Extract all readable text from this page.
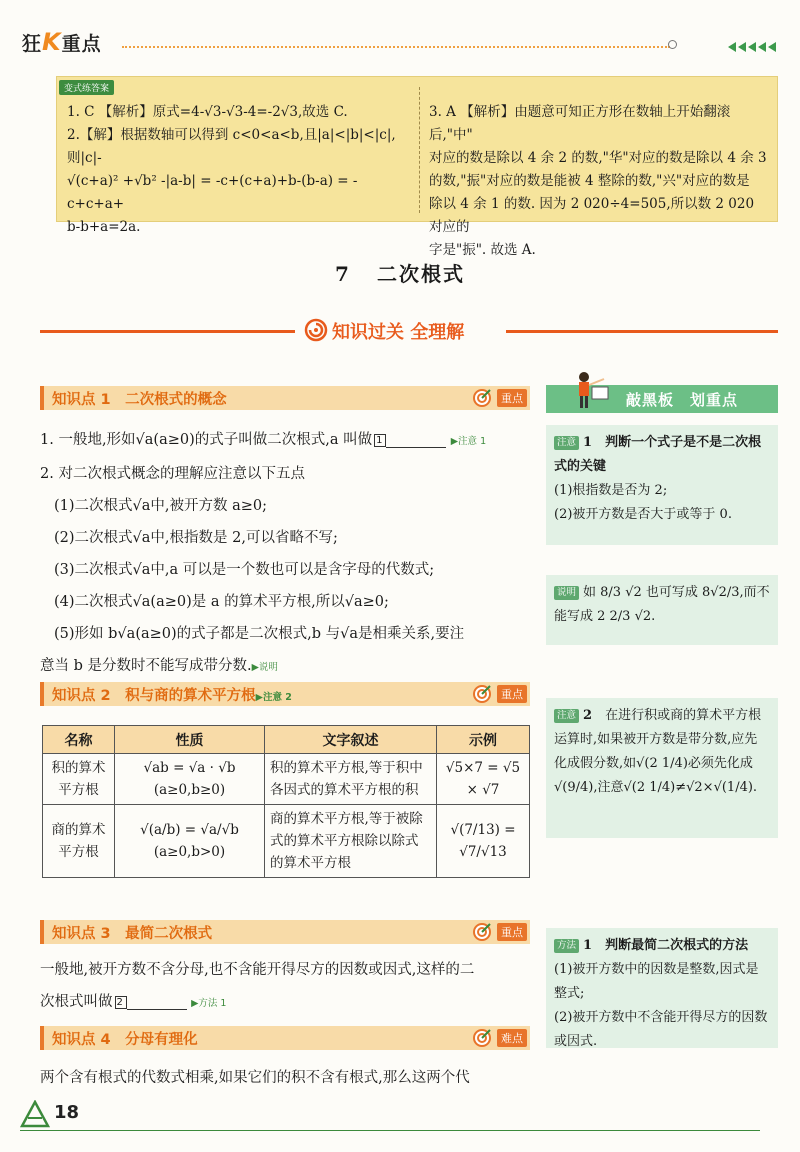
狂K重点
变式练答案
1. C 【解析】原式=4-√3-√3-4=-2√3,故选 C.
2.【解】根据数轴可以得到 c<0<a<b,且|a|<|b|<|c|,则|c|-
√(c+a)² +√b² -|a-b| = -c+(c+a)+b-(b-a) = -c+c+a+
b-b+a=2a.
3. A 【解析】由题意可知正方形在数轴上开始翻滚后,"中"
对应的数是除以 4 余 2 的数,"华"对应的数是除以 4 余 3
的数,"振"对应的数是能被 4 整除的数,"兴"对应的数是
除以 4 余 1 的数. 因为 2 020÷4=505,所以数 2 020 对应的
字是"振". 故选 A.
7 二次根式
知识过关 全理解
知识点 1　二次根式的概念	重点
1. 一般地,形如√a(a≥0)的式子叫做二次根式,a 叫做 1	▶注意 1
2. 对二次根式概念的理解应注意以下五点
(1)二次根式√a中,被开方数 a≥0;
(2)二次根式√a中,根指数是 2,可以省略不写;
(3)二次根式√a中,a 可以是一个数也可以是含字母的代数式;
(4)二次根式√a(a≥0)是 a 的算术平方根,所以√a≥0;
(5)形如 b√a(a≥0)的式子都是二次根式,b 与√a是相乘关系,要注
意当 b 是分数时不能写成带分数.▶说明
知识点 2　积与商的算术平方根▶注意 2	重点
名称	性质	文字叙述	示例
积的算术平方根	√ab = √a · √b (a≥0,b≥0)	积的算术平方根,等于积中各因式的算术平方根的积	√5×7 = √5 × √7
商的算术平方根	√(a/b) = √a/√b (a≥0,b>0)	商的算术平方根,等于被除式的算术平方根除以除式的算术平方根	√(7/13) = √7/√13
知识点 3　最简二次根式	重点
一般地,被开方数不含分母,也不含能开得尽方的因数或因式,这样的二
次根式叫做 2	▶方法 1
知识点 4　分母有理化	难点
两个含有根式的代数式相乘,如果它们的积不含有根式,那么这两个代
敲黑板　划重点
注意 1　 判断一个式子是不是二次根式的关键
(1)根指数是否为 2;
(2)被开方数是否大于或等于 0.
说明 如 8/3 √2 也可写成 8√2/3,而不能写成 2 2/3 √2.
注意 2　 在进行积或商的算术平方根运算时,如果被开方数是带分数,应先化成假分数,如√(2 1/4)必须先化成√(9/4),注意√(2 1/4)≠√2×√(1/4).
方法 1　 判断最简二次根式的方法
(1)被开方数中的因数是整数,因式是整式;
(2)被开方数中不含能开得尽方的因数或因式.
18
